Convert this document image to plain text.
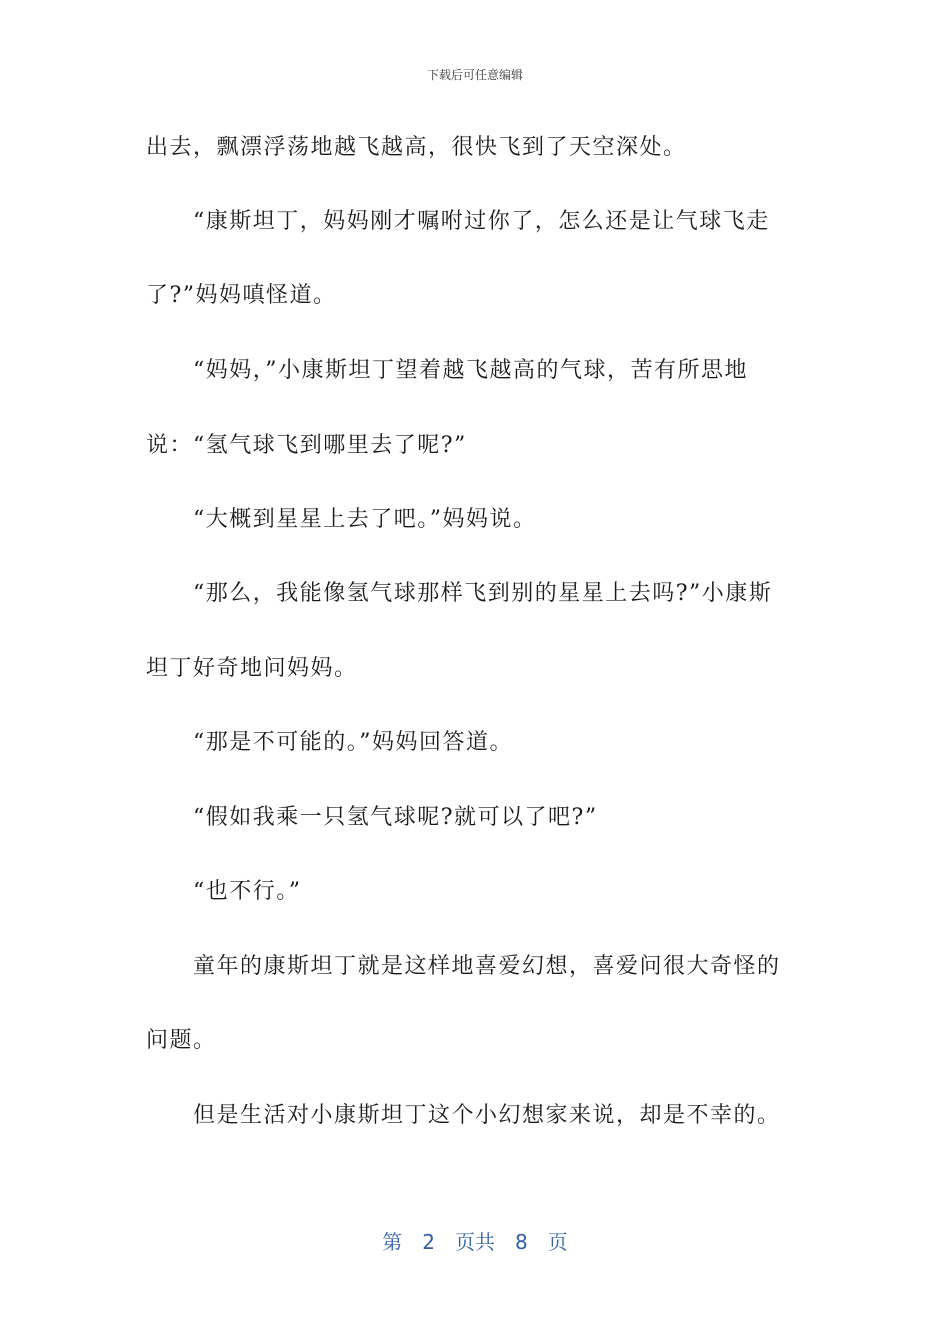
下载后可任意编辑
出去，飘漂浮荡地越飞越高，很快飞到了天空深处。
“康斯坦丁，妈妈刚才嘱咐过你了，怎么还是让气球飞走
了?”妈妈嗔怪道。
“妈妈，”小康斯坦丁望着越飞越高的气球，苦有所思地
说：“氢气球飞到哪里去了呢?”
“大概到星星上去了吧。”妈妈说。
“那么，我能像氢气球那样飞到别的星星上去吗?”小康斯
坦丁好奇地问妈妈。
“那是不可能的。”妈妈回答道。
“假如我乘一只氢气球呢?就可以了吧?”
“也不行。”
童年的康斯坦丁就是这样地喜爱幻想，喜爱问很大奇怪的
问题。
但是生活对小康斯坦丁这个小幻想家来说，却是不幸的。
第 2 页共 8 页
